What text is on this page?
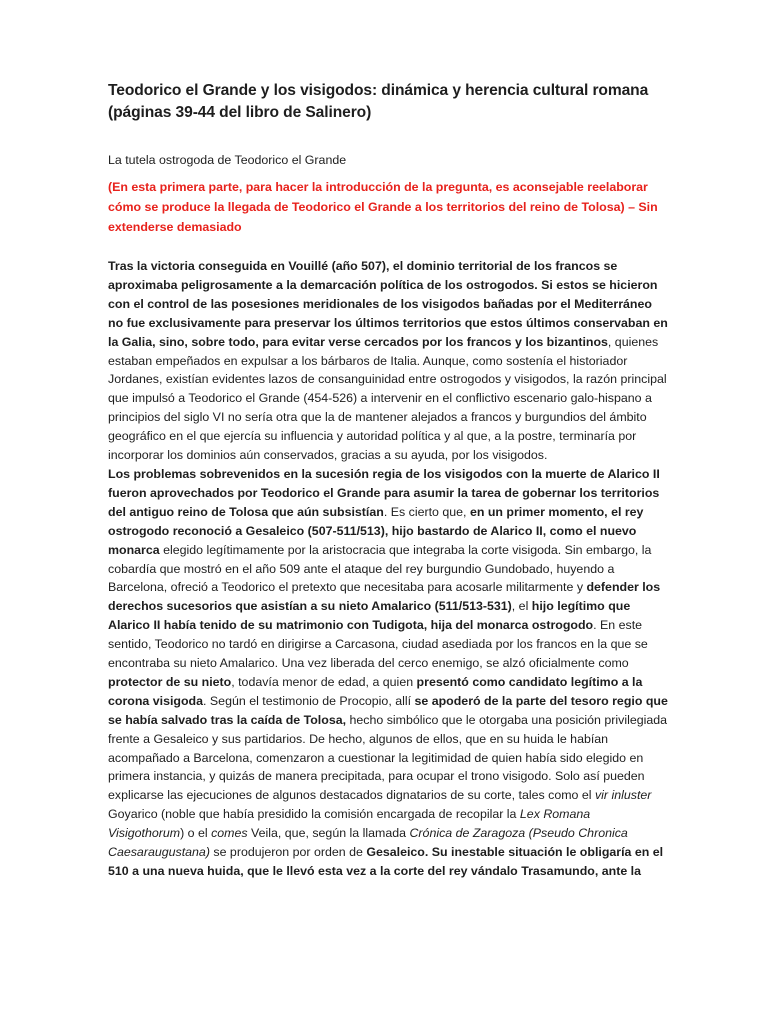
Teodorico el Grande y los visigodos: dinámica y herencia cultural romana (páginas 39-44 del libro de Salinero)
La tutela ostrogoda de Teodorico el Grande

(En esta primera parte, para hacer la introducción de la pregunta, es aconsejable reelaborar cómo se produce la llegada de Teodorico el Grande a los territorios del reino de Tolosa) – Sin extenderse demasiado

Tras la victoria conseguida en Vouillé (año 507), el dominio territorial de los francos se aproximaba peligrosamente a la demarcación política de los ostrogodos. Si estos se hicieron con el control de las posesiones meridionales de los visigodos bañadas por el Mediterráneo no fue exclusivamente para preservar los últimos territorios que estos últimos conservaban en la Galia, sino, sobre todo, para evitar verse cercados por los francos y los bizantinos, quienes estaban empeñados en expulsar a los bárbaros de Italia. Aunque, como sostenía el historiador Jordanes, existían evidentes lazos de consanguinidad entre ostrogodos y visigodos, la razón principal que impulsó a Teodorico el Grande (454-526) a intervenir en el conflictivo escenario galo-hispano a principios del siglo VI no sería otra que la de mantener alejados a francos y burgundios del ámbito geográfico en el que ejercía su influencia y autoridad política y al que, a la postre, terminaría por incorporar los dominios aún conservados, gracias a su ayuda, por los visigodos.

Los problemas sobrevenidos en la sucesión regia de los visigodos con la muerte de Alarico II fueron aprovechados por Teodorico el Grande para asumir la tarea de gobernar los territorios del antiguo reino de Tolosa que aún subsistían. Es cierto que, en un primer momento, el rey ostrogodo reconoció a Gesaleico (507-511/513), hijo bastardo de Alarico II, como el nuevo monarca elegido legítimamente por la aristocracia que integraba la corte visigoda. Sin embargo, la cobardía que mostró en el año 509 ante el ataque del rey burgundio Gundobado, huyendo a Barcelona, ofreció a Teodorico el pretexto que necesitaba para acosarle militarmente y defender los derechos sucesorios que asistían a su nieto Amalarico (511/513-531), el hijo legítimo que Alarico II había tenido de su matrimonio con Tudigota, hija del monarca ostrogodo. En este sentido, Teodorico no tardó en dirigirse a Carcasona, ciudad asediada por los francos en la que se encontraba su nieto Amalarico. Una vez liberada del cerco enemigo, se alzó oficialmente como protector de su nieto, todavía menor de edad, a quien presentó como candidato legítimo a la corona visigoda. Según el testimonio de Procopio, allí se apoderó de la parte del tesoro regio que se había salvado tras la caída de Tolosa, hecho simbólico que le otorgaba una posición privilegiada frente a Gesaleico y sus partidarios. De hecho, algunos de ellos, que en su huida le habían acompañado a Barcelona, comenzaron a cuestionar la legitimidad de quien había sido elegido en primera instancia, y quizás de manera precipitada, para ocupar el trono visigodo. Solo así pueden explicarse las ejecuciones de algunos destacados dignatarios de su corte, tales como el vir inluster Goyarico (noble que había presidido la comisión encargada de recopilar la Lex Romana Visigothorum) o el comes Veila, que, según la llamada Crónica de Zaragoza (Pseudo Chronica Caesaraugustana) se produjeron por orden de Gesaleico. Su inestable situación le obligaría en el 510 a una nueva huida, que le llevó esta vez a la corte del rey vándalo Trasamundo, ante la
